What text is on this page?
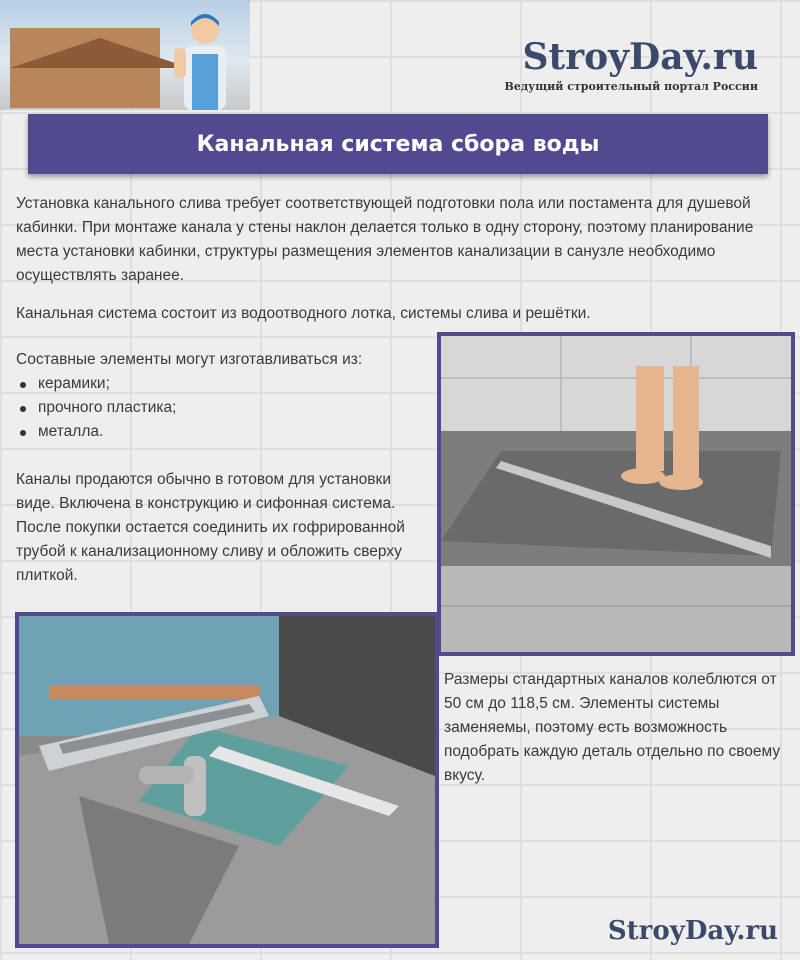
StroyDay.ru
Ведущий строительный портал России
Канальная система сбора воды
Установка канального слива требует соответствующей подготовки пола или постамента для душевой кабинки. При монтаже канала у стены наклон делается только в одну сторону, поэтому планирование места установки кабинки, структуры размещения элементов канализации в санузле необходимо осуществлять заранее.
Канальная система состоит из водоотводного лотка, системы слива и решётки.
Составные элементы могут изготавливаться из:
керамики;
прочного пластика;
металла.
Каналы продаются обычно в готовом для установки виде. Включена в конструкцию и сифонная система. После покупки остается соединить их гофрированной трубой к канализационному сливу и обложить сверху плиткой.
Размеры стандартных каналов колеблются от 50 см до 118,5 см. Элементы системы заменяемы, поэтому есть возможность подобрать каждую деталь отдельно по своему вкусу.
StroyDay.ru
